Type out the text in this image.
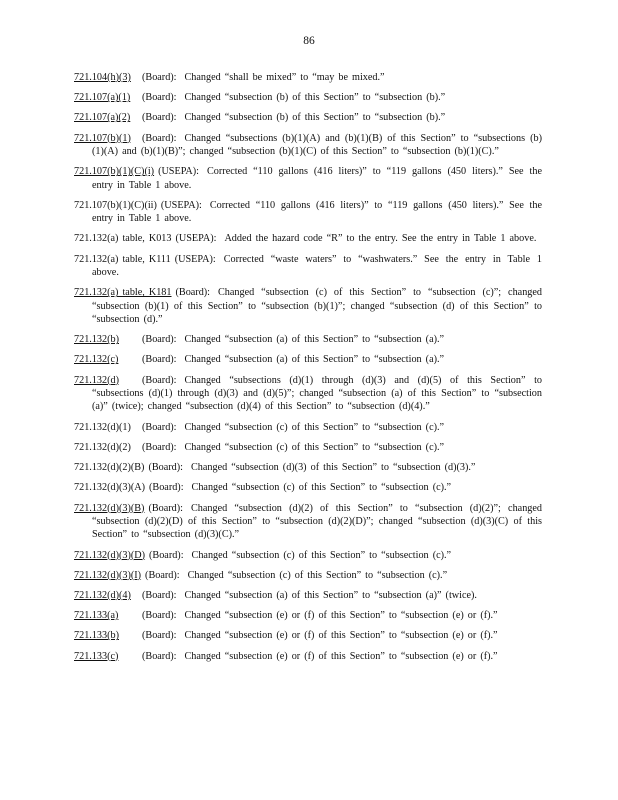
86
721.104(h)(3) (Board): Changed “shall be mixed” to “may be mixed.”
721.107(a)(1) (Board): Changed “subsection (b) of this Section” to “subsection (b).”
721.107(a)(2) (Board): Changed “subsection (b) of this Section” to “subsection (b).”
721.107(b)(1) (Board): Changed “subsections (b)(1)(A) and (b)(1)(B) of this Section” to “subsections (b)(1)(A) and (b)(1)(B)”; changed “subsection (b)(1)(C) of this Section” to “subsection (b)(1)(C).”
721.107(b)(1)(C)(i) (USEPA): Corrected “110 gallons (416 liters)” to “119 gallons (450 liters).” See the entry in Table 1 above.
721.107(b)(1)(C)(ii) (USEPA): Corrected “110 gallons (416 liters)” to “119 gallons (450 liters).” See the entry in Table 1 above.
721.132(a) table, K013 (USEPA): Added the hazard code “R” to the entry. See the entry in Table 1 above.
721.132(a) table, K111 (USEPA): Corrected “waste waters” to “washwaters.” See the entry in Table 1 above.
721.132(a) table, K181 (Board): Changed “subsection (c) of this Section” to “subsection (c)”; changed “subsection (b)(1) of this Section” to “subsection (b)(1)”; changed “subsection (d) of this Section” to “subsection (d).”
721.132(b) (Board): Changed “subsection (a) of this Section” to “subsection (a).”
721.132(c) (Board): Changed “subsection (a) of this Section” to “subsection (a).”
721.132(d) (Board): Changed “subsections (d)(1) through (d)(3) and (d)(5) of this Section” to “subsections (d)(1) through (d)(3) and (d)(5)”; changed “subsection (a) of this Section” to “subsection (a)” (twice); changed “subsection (d)(4) of this Section” to “subsection (d)(4).”
721.132(d)(1) (Board): Changed “subsection (c) of this Section” to “subsection (c).”
721.132(d)(2) (Board): Changed “subsection (c) of this Section” to “subsection (c).”
721.132(d)(2)(B) (Board): Changed “subsection (d)(3) of this Section” to “subsection (d)(3).”
721.132(d)(3)(A) (Board): Changed “subsection (c) of this Section” to “subsection (c).”
721.132(d)(3)(B) (Board): Changed “subsection (d)(2) of this Section” to “subsection (d)(2)”; changed “subsection (d)(2)(D) of this Section” to “subsection (d)(2)(D)”; changed “subsection (d)(3)(C) of this Section” to “subsection (d)(3)(C).”
721.132(d)(3)(D) (Board): Changed “subsection (c) of this Section” to “subsection (c).”
721.132(d)(3)(I) (Board): Changed “subsection (c) of this Section” to “subsection (c).”
721.132(d)(4) (Board): Changed “subsection (a) of this Section” to “subsection (a)” (twice).
721.133(a) (Board): Changed “subsection (e) or (f) of this Section” to “subsection (e) or (f).”
721.133(b) (Board): Changed “subsection (e) or (f) of this Section” to “subsection (e) or (f).”
721.133(c) (Board): Changed “subsection (e) or (f) of this Section” to “subsection (e) or (f).”
